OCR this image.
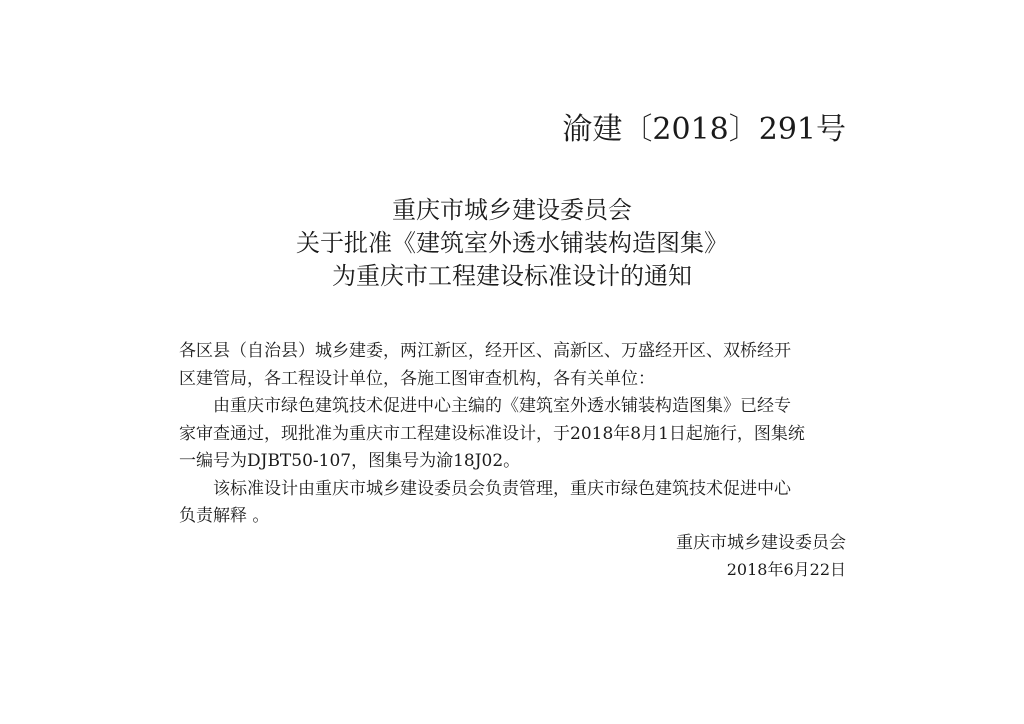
渝建〔2018〕291号
重庆市城乡建设委员会
关于批准《建筑室外透水铺装构造图集》
为重庆市工程建设标准设计的通知
各区县（自治县）城乡建委，两江新区，经开区、高新区、万盛经开区、双桥经开
区建管局，各工程设计单位，各施工图审查机构，各有关单位：
由重庆市绿色建筑技术促进中心主编的《建筑室外透水铺装构造图集》已经专
家审查通过，现批准为重庆市工程建设标准设计，于2018年8月1日起施行，图集统
一编号为DJBT50-107，图集号为渝18J02。
该标准设计由重庆市城乡建设委员会负责管理，重庆市绿色建筑技术促进中心
负责解释 。
重庆市城乡建设委员会
2018年6月22日
